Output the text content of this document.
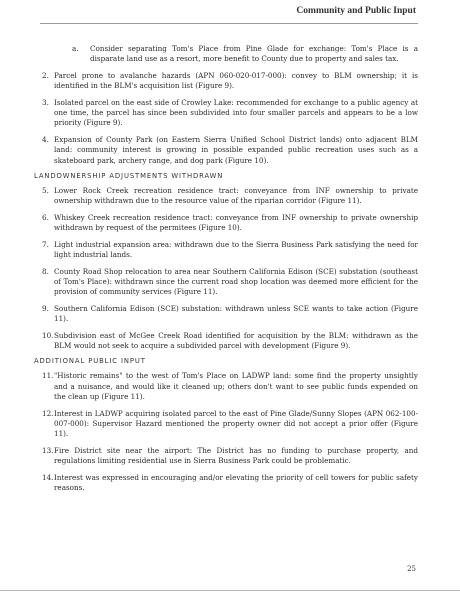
Community and Public Input
a. Consider separating Tom's Place from Pine Glade for exchange: Tom's Place is a disparate land use as a resort, more benefit to County due to property and sales tax.
2. Parcel prone to avalanche hazards (APN 060-020-017-000): convey to BLM ownership; it is identified in the BLM's acquisition list (Figure 9).
3. Isolated parcel on the east side of Crowley Lake: recommended for exchange to a public agency at one time, the parcel has since been subdivided into four smaller parcels and appears to be a low priority (Figure 9).
4. Expansion of County Park (on Eastern Sierra Unified School District lands) onto adjacent BLM land: community interest is growing in possible expanded public recreation uses such as a skateboard park, archery range, and dog park (Figure 10).
LANDOWNERSHIP ADJUSTMENTS WITHDRAWN
5. Lower Rock Creek recreation residence tract: conveyance from INF ownership to private ownership withdrawn due to the resource value of the riparian corridor (Figure 11).
6. Whiskey Creek recreation residence tract: conveyance from INF ownership to private ownership withdrawn by request of the permitees (Figure 10).
7. Light industrial expansion area: withdrawn due to the Sierra Business Park satisfying the need for light industrial lands.
8. County Road Shop relocation to area near Southern California Edison (SCE) substation (southeast of Tom's Place): withdrawn since the current road shop location was deemed more efficient for the provision of community services (Figure 11).
9. Southern California Edison (SCE) substation: withdrawn unless SCE wants to take action (Figure 11).
10. Subdivision east of McGee Creek Road identified for acquisition by the BLM: withdrawn as the BLM would not seek to acquire a subdivided parcel with development (Figure 9).
ADDITIONAL PUBLIC INPUT
11. "Historic remains" to the west of Tom's Place on LADWP land: some find the property unsightly and a nuisance, and would like it cleaned up; others don't want to see public funds expended on the clean up (Figure 11).
12. Interest in LADWP acquiring isolated parcel to the east of Pine Glade/Sunny Slopes (APN 062-100-007-000): Supervisor Hazard mentioned the property owner did not accept a prior offer (Figure 11).
13. Fire District site near the airport: The District has no funding to purchase property, and regulations limiting residential use in Sierra Business Park could be problematic.
14. Interest was expressed in encouraging and/or elevating the priority of cell towers for public safety reasons.
25
